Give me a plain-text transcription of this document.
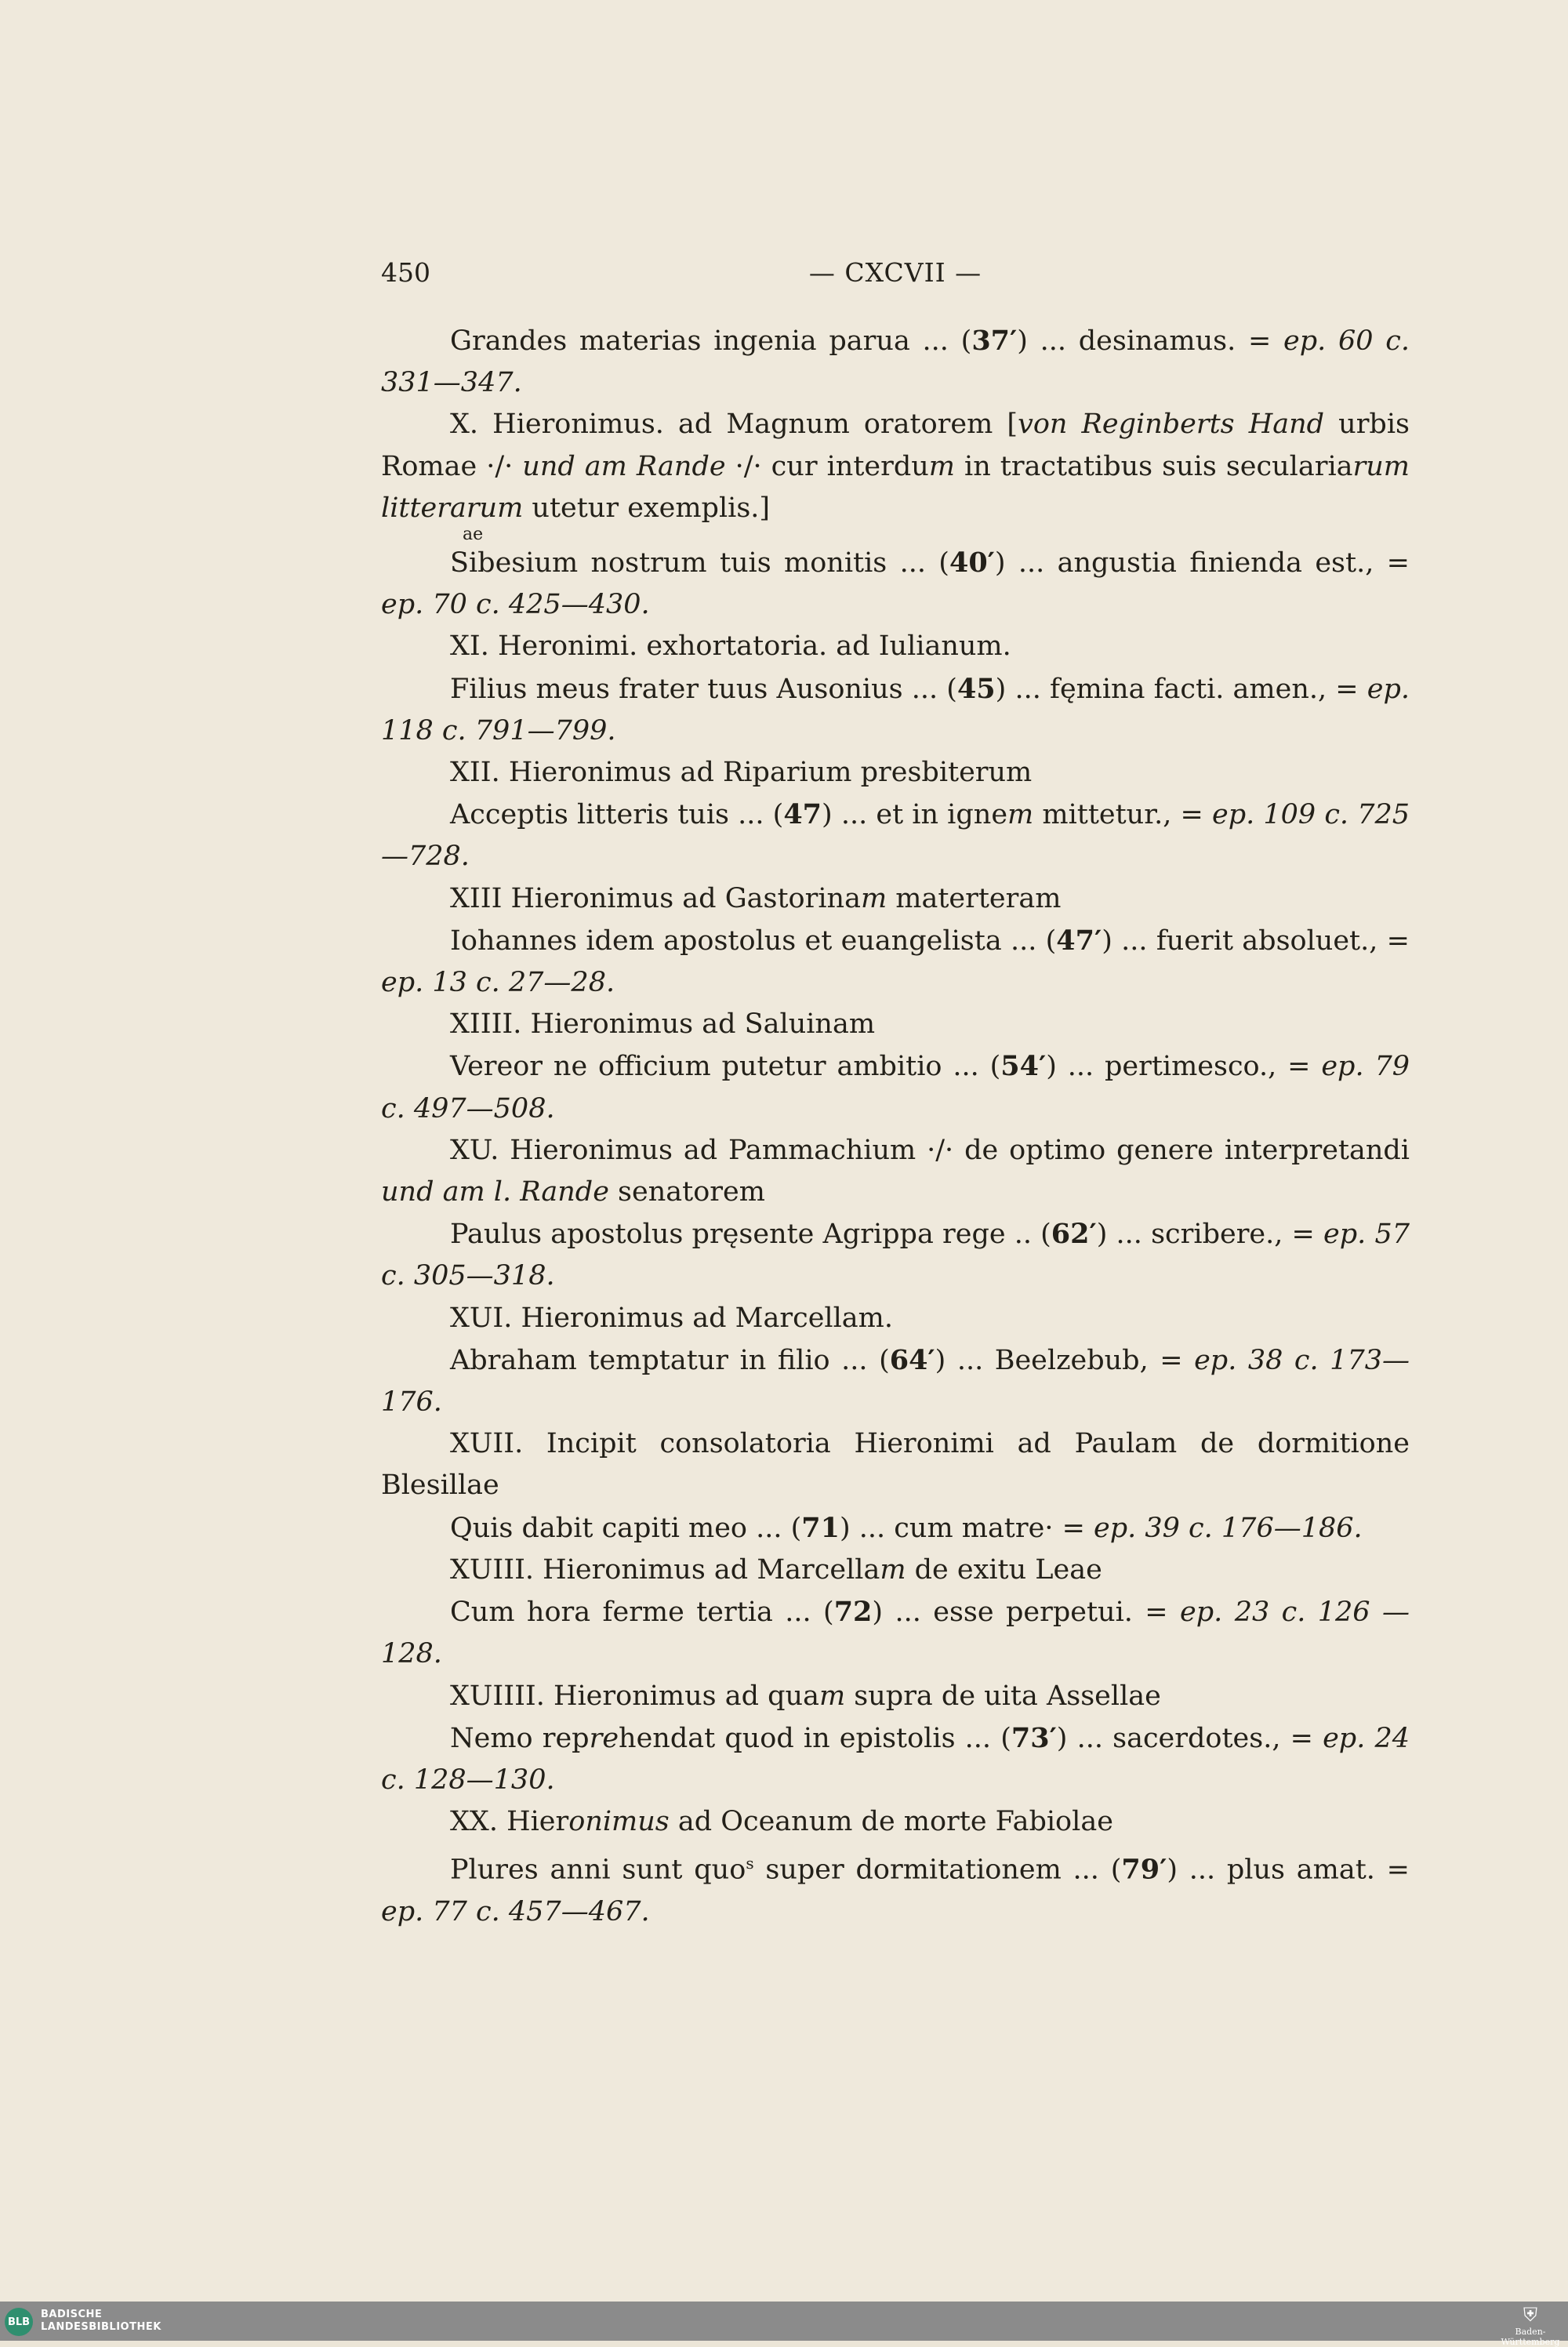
450	— CXCVII —
Grandes materias ingenia parua ... (37′) ... desinamus. = ep. 60 c. 331—347.
X. Hieronimus. ad Magnum oratorem [von Reginberts Hand urbis Romae ·/· und am Rande ·/· cur interdum in tractatibus suis seculariarum litterarum utetur exemplis.]
ae
Sibesium nostrum tuis monitis ... (40′) ... angustia finienda est., = ep. 70 c. 425—430.
XI. Heronimi. exhortatoria. ad Iulianum.
Filius meus frater tuus Ausonius ... (45) ... fęmina facti. amen., = ep. 118 c. 791—799.
XII. Hieronimus ad Riparium presbiterum
Acceptis litteris tuis ... (47) ... et in ignem mittetur., = ep. 109 c. 725—728.
XIII Hieronimus ad Gastorinam materteram
Iohannes idem apostolus et euangelista ... (47′) ... fuerit absoluet., = ep. 13 c. 27—28.
XIIII. Hieronimus ad Saluinam
Vereor ne officium putetur ambitio ... (54′) ... pertimesco., = ep. 79 c. 497—508.
XU. Hieronimus ad Pammachium ·/· de optimo genere interpretandi und am l. Rande senatorem
Paulus apostolus pręsente Agrippa rege .. (62′) ... scribere., = ep. 57 c. 305—318.
XUI. Hieronimus ad Marcellam.
Abraham temptatur in filio ... (64′) ... Beelzebub, = ep. 38 c. 173—176.
XUII. Incipit consolatoria Hieronimi ad Paulam de dormitione Blesillae
Quis dabit capiti meo ... (71) ... cum matre· = ep. 39 c. 176—186.
XUIII. Hieronimus ad Marcellam de exitu Leae
Cum hora ferme tertia ... (72) ... esse perpetui. = ep. 23 c. 126 —128.
XUIIII. Hieronimus ad quam supra de uita Assellae
Nemo reprehendat quod in epistolis ... (73′) ... sacerdotes., = ep. 24 c. 128—130.
XX. Hieronimus ad Oceanum de morte Fabiolae
Plures anni sunt quo$^s$ super dormitationem ... (79′) ... plus amat. = ep. 77 c. 457—467.
BLB
BADISCHE
LANDESBIBLIOTHEK
⛨
Baden-Württemberg
